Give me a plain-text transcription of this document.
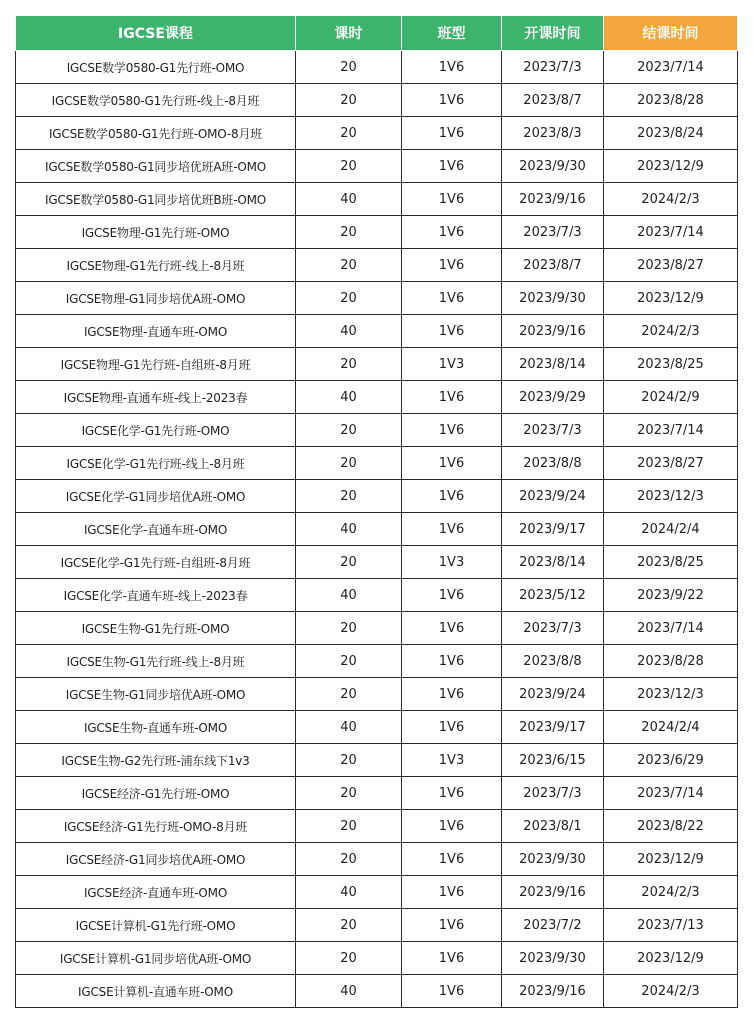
IGCSE课程	课时	班型	开课时间	结课时间
IGCSE数学0580-G1先行班-OMO	20	1V6	2023/7/3	2023/7/14
IGCSE数学0580-G1先行班-线上-8月班	20	1V6	2023/8/7	2023/8/28
IGCSE数学0580-G1先行班-OMO-8月班	20	1V6	2023/8/3	2023/8/24
IGCSE数学0580-G1同步培优班A班-OMO	20	1V6	2023/9/30	2023/12/9
IGCSE数学0580-G1同步培优班B班-OMO	40	1V6	2023/9/16	2024/2/3
IGCSE物理-G1先行班-OMO	20	1V6	2023/7/3	2023/7/14
IGCSE物理-G1先行班-线上-8月班	20	1V6	2023/8/7	2023/8/27
IGCSE物理-G1同步培优A班-OMO	20	1V6	2023/9/30	2023/12/9
IGCSE物理-直通车班-OMO	40	1V6	2023/9/16	2024/2/3
IGCSE物理-G1先行班-自组班-8月班	20	1V3	2023/8/14	2023/8/25
IGCSE物理-直通车班-线上-2023春	40	1V6	2023/9/29	2024/2/9
IGCSE化学-G1先行班-OMO	20	1V6	2023/7/3	2023/7/14
IGCSE化学-G1先行班-线上-8月班	20	1V6	2023/8/8	2023/8/27
IGCSE化学-G1同步培优A班-OMO	20	1V6	2023/9/24	2023/12/3
IGCSE化学-直通车班-OMO	40	1V6	2023/9/17	2024/2/4
IGCSE化学-G1先行班-自组班-8月班	20	1V3	2023/8/14	2023/8/25
IGCSE化学-直通车班-线上-2023春	40	1V6	2023/5/12	2023/9/22
IGCSE生物-G1先行班-OMO	20	1V6	2023/7/3	2023/7/14
IGCSE生物-G1先行班-线上-8月班	20	1V6	2023/8/8	2023/8/28
IGCSE生物-G1同步培优A班-OMO	20	1V6	2023/9/24	2023/12/3
IGCSE生物-直通车班-OMO	40	1V6	2023/9/17	2024/2/4
IGCSE生物-G2先行班-浦东线下1v3	20	1V3	2023/6/15	2023/6/29
IGCSE经济-G1先行班-OMO	20	1V6	2023/7/3	2023/7/14
IGCSE经济-G1先行班-OMO-8月班	20	1V6	2023/8/1	2023/8/22
IGCSE经济-G1同步培优A班-OMO	20	1V6	2023/9/30	2023/12/9
IGCSE经济-直通车班-OMO	40	1V6	2023/9/16	2024/2/3
IGCSE计算机-G1先行班-OMO	20	1V6	2023/7/2	2023/7/13
IGCSE计算机-G1同步培优A班-OMO	20	1V6	2023/9/30	2023/12/9
IGCSE计算机-直通车班-OMO	40	1V6	2023/9/16	2024/2/3
